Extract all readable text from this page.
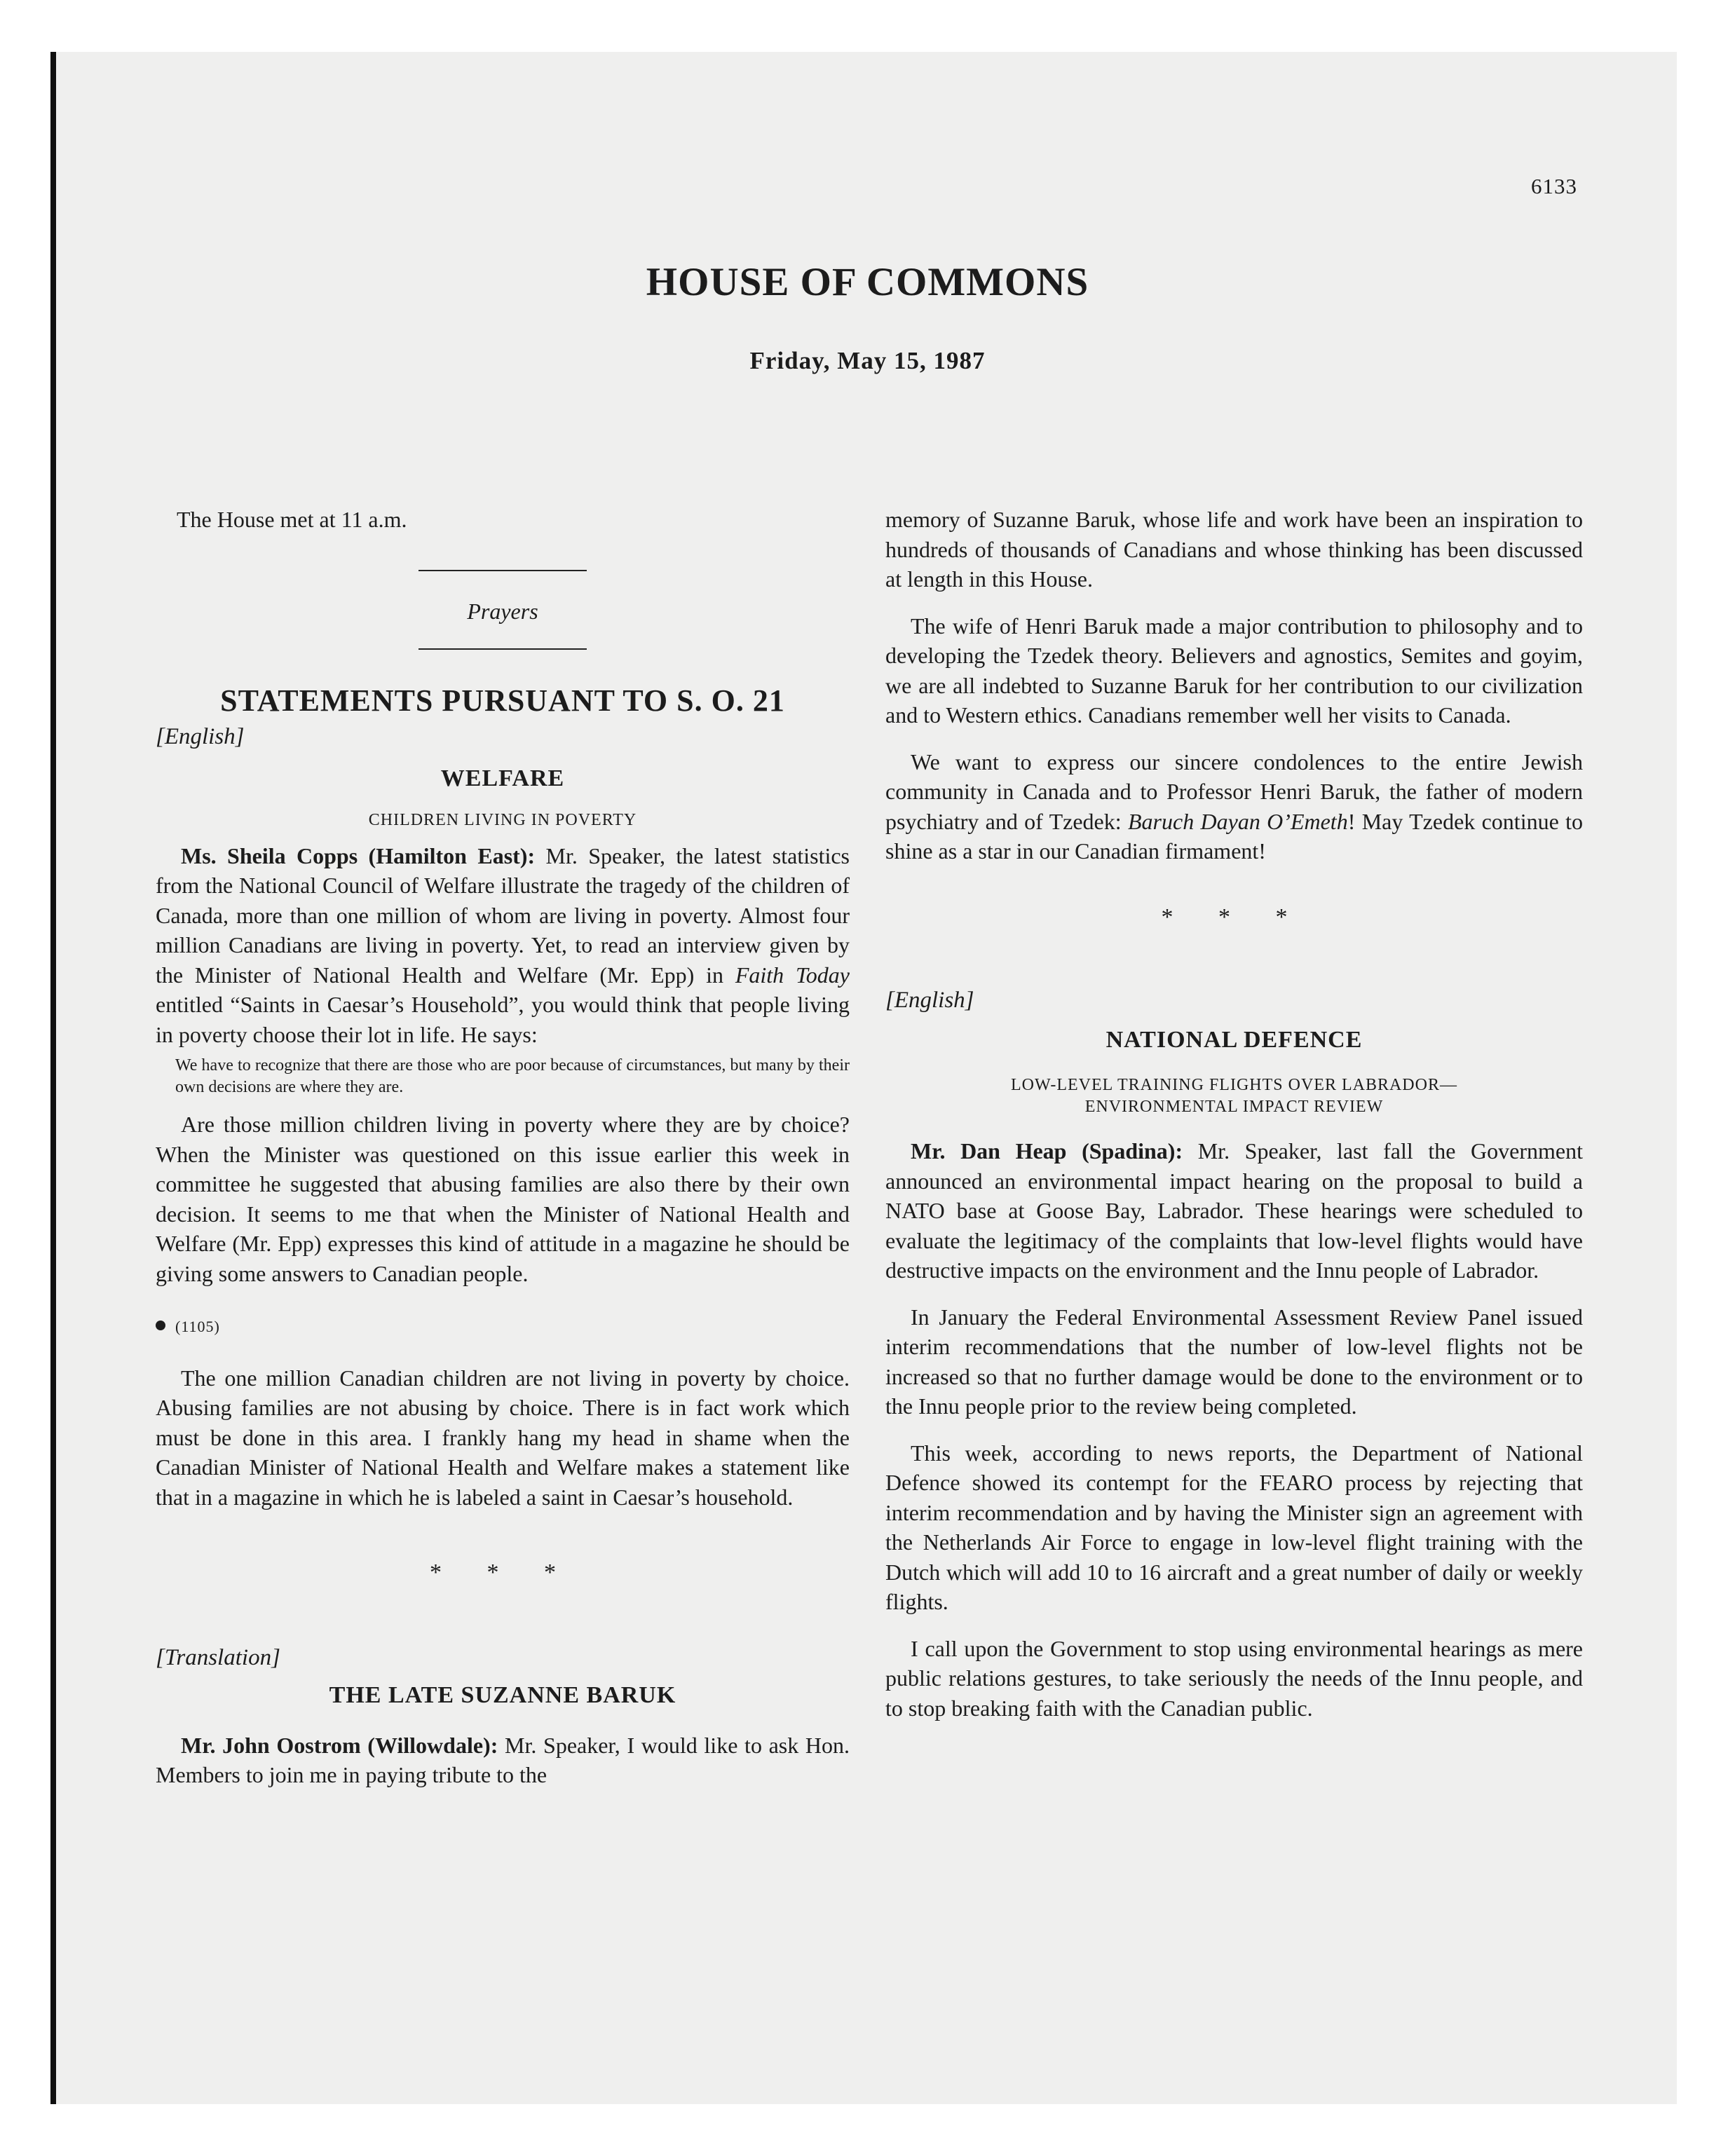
6133
HOUSE OF COMMONS
Friday, May 15, 1987

The House met at 11 a.m.

Prayers

STATEMENTS PURSUANT TO S. O. 21
[English]
WELFARE
CHILDREN LIVING IN POVERTY

Ms. Sheila Copps (Hamilton East): Mr. Speaker, the latest statistics from the National Council of Welfare illustrate the tragedy of the children of Canada, more than one million of whom are living in poverty. Almost four million Canadians are living in poverty. Yet, to read an interview given by the Minister of National Health and Welfare (Mr. Epp) in Faith Today entitled “Saints in Caesar’s Household”, you would think that people living in poverty choose their lot in life. He says:

We have to recognize that there are those who are poor because of circumstances, but many by their own decisions are where they are.

Are those million children living in poverty where they are by choice? When the Minister was questioned on this issue earlier this week in committee he suggested that abusing families are also there by their own decision. It seems to me that when the Minister of National Health and Welfare (Mr. Epp) expresses this kind of attitude in a magazine he should be giving some answers to Canadian people.

(1105)

The one million Canadian children are not living in poverty by choice. Abusing families are not abusing by choice. There is in fact work which must be done in this area. I frankly hang my head in shame when the Canadian Minister of National Health and Welfare makes a statement like that in a magazine in which he is labeled a saint in Caesar’s household.

* * *
[Translation]
THE LATE SUZANNE BARUK

Mr. John Oostrom (Willowdale): Mr. Speaker, I would like to ask Hon. Members to join me in paying tribute to the

memory of Suzanne Baruk, whose life and work have been an inspiration to hundreds of thousands of Canadians and whose thinking has been discussed at length in this House.

The wife of Henri Baruk made a major contribution to philosophy and to developing the Tzedek theory. Believers and agnostics, Semites and goyim, we are all indebted to Suzanne Baruk for her contribution to our civilization and to Western ethics. Canadians remember well her visits to Canada.

We want to express our sincere condolences to the entire Jewish community in Canada and to Professor Henri Baruk, the father of modern psychiatry and of Tzedek: Baruch Dayan O’Emeth! May Tzedek continue to shine as a star in our Canadian firmament!

* * *
[English]
NATIONAL DEFENCE
LOW-LEVEL TRAINING FLIGHTS OVER LABRADOR—
ENVIRONMENTAL IMPACT REVIEW

Mr. Dan Heap (Spadina): Mr. Speaker, last fall the Government announced an environmental impact hearing on the proposal to build a NATO base at Goose Bay, Labrador. These hearings were scheduled to evaluate the legitimacy of the complaints that low-level flights would have destructive impacts on the environment and the Innu people of Labrador.

In January the Federal Environmental Assessment Review Panel issued interim recommendations that the number of low-level flights not be increased so that no further damage would be done to the environment or to the Innu people prior to the review being completed.

This week, according to news reports, the Department of National Defence showed its contempt for the FEARO process by rejecting that interim recommendation and by having the Minister sign an agreement with the Netherlands Air Force to engage in low-level flight training with the Dutch which will add 10 to 16 aircraft and a great number of daily or weekly flights.

I call upon the Government to stop using environmental hearings as mere public relations gestures, to take seriously the needs of the Innu people, and to stop breaking faith with the Canadian public.
